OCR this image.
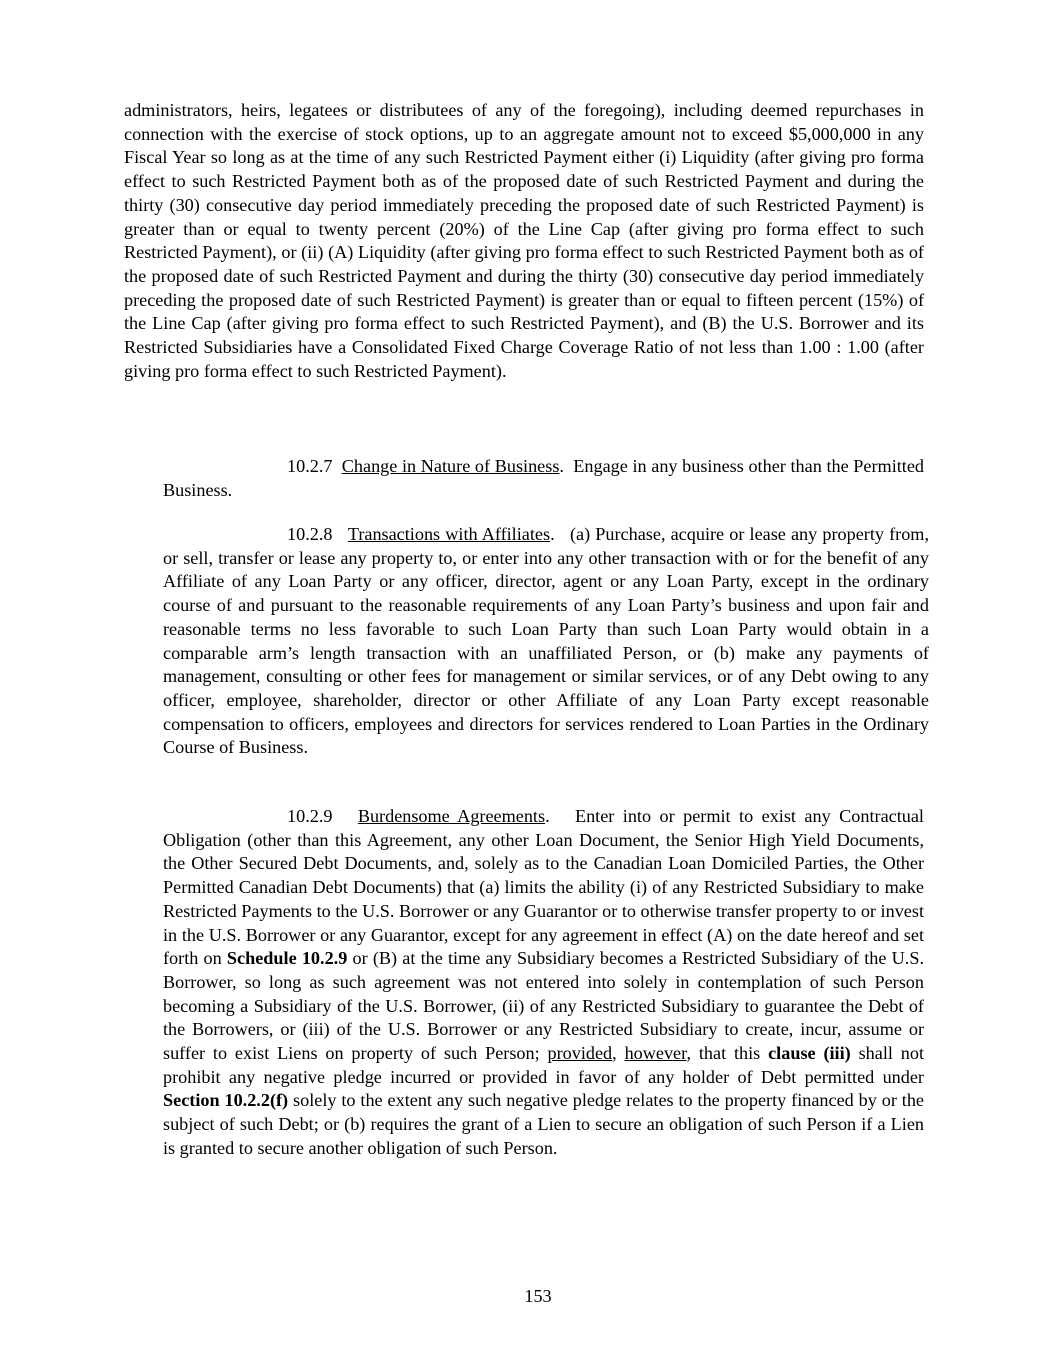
administrators, heirs, legatees or distributees of any of the foregoing), including deemed repurchases in connection with the exercise of stock options, up to an aggregate amount not to exceed $5,000,000 in any Fiscal Year so long as at the time of any such Restricted Payment either (i) Liquidity (after giving pro forma effect to such Restricted Payment both as of the proposed date of such Restricted Payment and during the thirty (30) consecutive day period immediately preceding the proposed date of such Restricted Payment) is greater than or equal to twenty percent (20%) of the Line Cap (after giving pro forma effect to such Restricted Payment), or (ii) (A) Liquidity (after giving pro forma effect to such Restricted Payment both as of the proposed date of such Restricted Payment and during the thirty (30) consecutive day period immediately preceding the proposed date of such Restricted Payment) is greater than or equal to fifteen percent (15%) of the Line Cap (after giving pro forma effect to such Restricted Payment), and (B) the U.S. Borrower and its Restricted Subsidiaries have a Consolidated Fixed Charge Coverage Ratio of not less than 1.00 : 1.00 (after giving pro forma effect to such Restricted Payment).

10.2.7 Change in Nature of Business.  Engage in any business other than the Permitted Business.

10.2.8 Transactions with Affiliates.   (a) Purchase, acquire or lease any property from, or sell, transfer or lease any property to, or enter into any other transaction with or for the benefit of any Affiliate of any Loan Party or any officer, director, agent or any Loan Party, except in the ordinary course of and pursuant to the reasonable requirements of any Loan Party’s business and upon fair and reasonable terms no less favorable to such Loan Party than such Loan Party would obtain in a comparable arm’s length transaction with an unaffiliated Person, or (b) make any payments of management, consulting or other fees for management or similar services, or of any Debt owing to any officer, employee, shareholder, director or other Affiliate of any Loan Party except reasonable compensation to officers, employees and directors for services rendered to Loan Parties in the Ordinary Course of Business.

10.2.9 Burdensome Agreements.   Enter into or permit to exist any Contractual Obligation (other than this Agreement, any other Loan Document, the Senior High Yield Documents, the Other Secured Debt Documents, and, solely as to the Canadian Loan Domiciled Parties, the Other Permitted Canadian Debt Documents) that (a) limits the ability (i) of any Restricted Subsidiary to make Restricted Payments to the U.S. Borrower or any Guarantor or to otherwise transfer property to or invest in the U.S. Borrower or any Guarantor, except for any agreement in effect (A) on the date hereof and set forth on Schedule 10.2.9 or (B) at the time any Subsidiary becomes a Restricted Subsidiary of the U.S. Borrower, so long as such agreement was not entered into solely in contemplation of such Person becoming a Subsidiary of the U.S. Borrower, (ii) of any Restricted Subsidiary to guarantee the Debt of the Borrowers, or (iii) of the U.S. Borrower or any Restricted Subsidiary to create, incur, assume or suffer to exist Liens on property of such Person; provided, however, that this clause (iii) shall not prohibit any negative pledge incurred or provided in favor of any holder of Debt permitted under Section 10.2.2(f) solely to the extent any such negative pledge relates to the property financed by or the subject of such Debt; or (b) requires the grant of a Lien to secure an obligation of such Person if a Lien is granted to secure another obligation of such Person.

153
